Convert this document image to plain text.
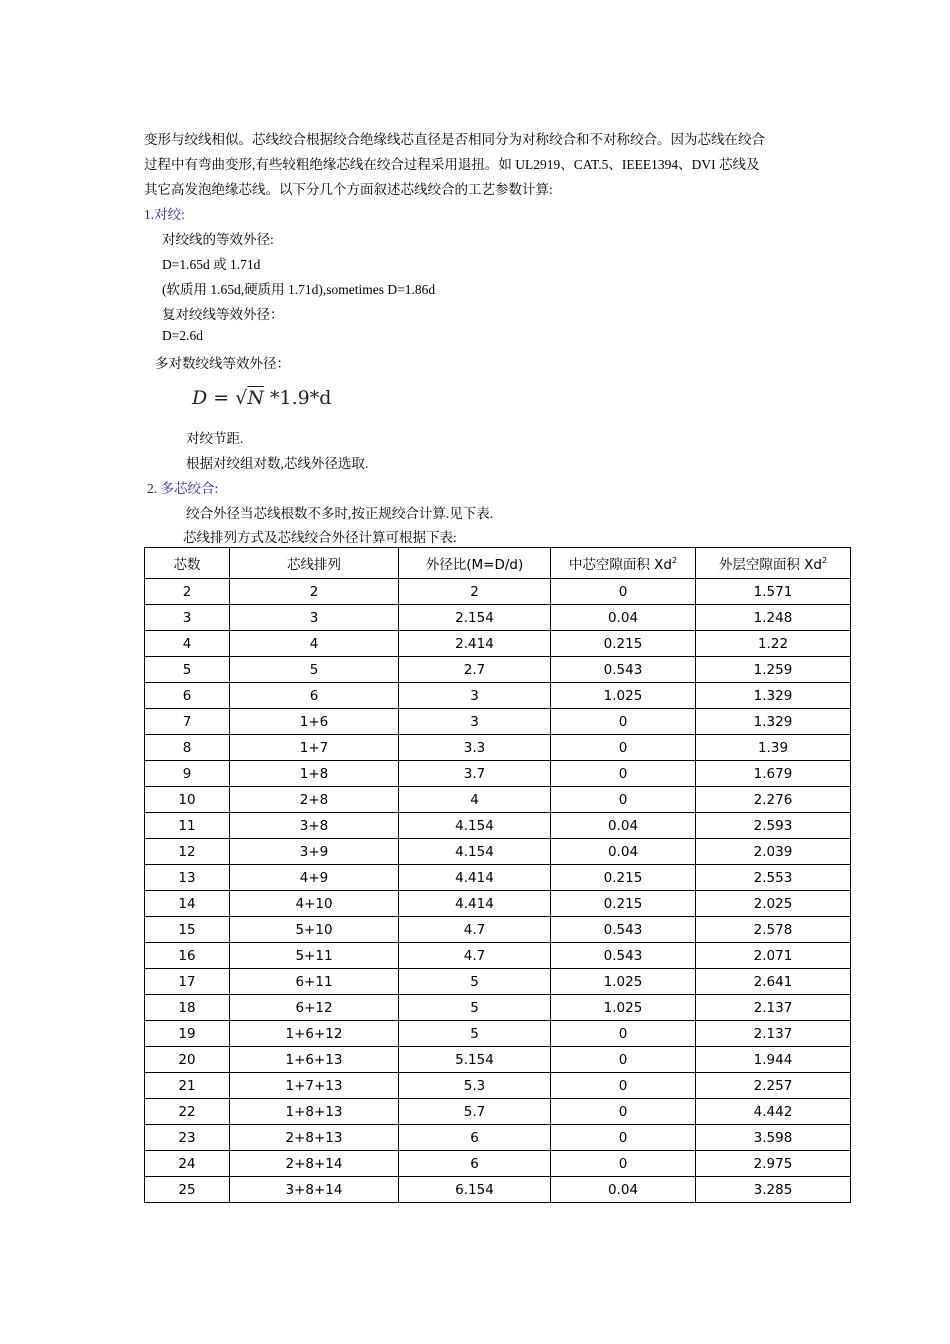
变形与绞线相似。芯线绞合根据绞合绝缘线芯直径是否相同分为对称绞合和不对称绞合。因为芯线在绞合
过程中有弯曲变形,有些较粗绝缘芯线在绞合过程采用退扭。如 UL2919、CAT.5、IEEE1394、DVI 芯线及
其它高发泡绝缘芯线。以下分几个方面叙述芯线绞合的工艺参数计算:
1.对绞:
对绞线的等效外径:
D=1.65d 或 1.71d
(软质用 1.65d,硬质用 1.71d),sometimes D=1.86d
复对绞线等效外径：
D=2.6d
多对数绞线等效外径：
D = √N *1.9*d
对绞节距.
根据对绞组对数,芯线外径选取.
2. 多芯绞合:
绞合外径当芯线根数不多时,按正规绞合计算.见下表.
芯线排列方式及芯线绞合外径计算可根据下表:
芯数	芯线排列	外径比(M=D/d)	中芯空隙面积 Xd$^2$	外层空隙面积 Xd$^2$
2	2	2	0	1.571
3	3	2.154	0.04	1.248
4	4	2.414	0.215	1.22
5	5	2.7	0.543	1.259
6	6	3	1.025	1.329
7	1+6	3	0	1.329
8	1+7	3.3	0	1.39
9	1+8	3.7	0	1.679
10	2+8	4	0	2.276
11	3+8	4.154	0.04	2.593
12	3+9	4.154	0.04	2.039
13	4+9	4.414	0.215	2.553
14	4+10	4.414	0.215	2.025
15	5+10	4.7	0.543	2.578
16	5+11	4.7	0.543	2.071
17	6+11	5	1.025	2.641
18	6+12	5	1.025	2.137
19	1+6+12	5	0	2.137
20	1+6+13	5.154	0	1.944
21	1+7+13	5.3	0	2.257
22	1+8+13	5.7	0	4.442
23	2+8+13	6	0	3.598
24	2+8+14	6	0	2.975
25	3+8+14	6.154	0.04	3.285
